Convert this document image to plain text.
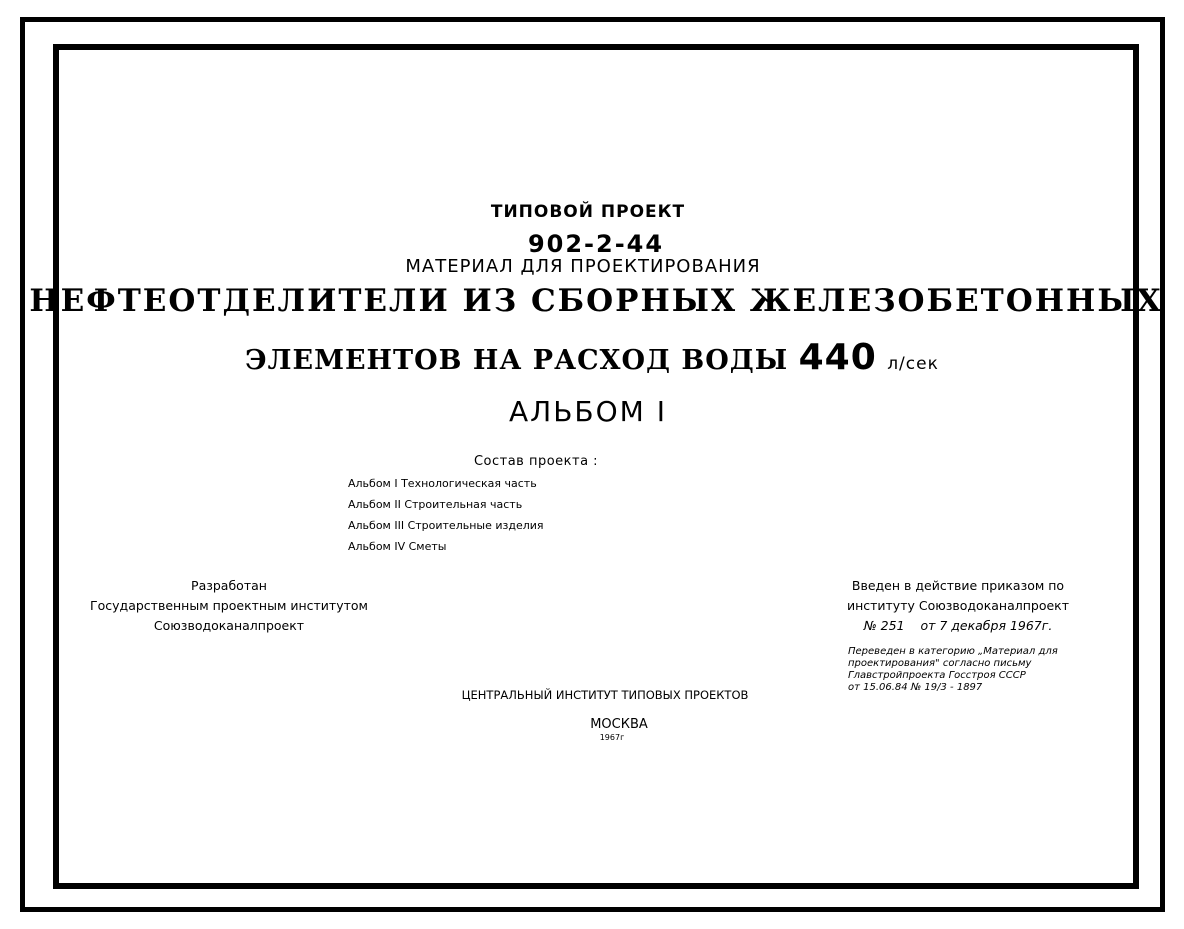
ТИПОВОЙ ПРОЕКТ
902-2-44
МАТЕРИАЛ ДЛЯ ПРОЕКТИРОВАНИЯ
НЕФТЕОТДЕЛИТЕЛИ ИЗ СБОРНЫХ ЖЕЛЕЗОБЕТОННЫХ
ЭЛЕМЕНТОВ НА РАСХОД ВОДЫ 440 л/сек
АЛЬБОМ I
Состав проекта :
Альбом I Технологическая часть
Альбом II Строительная часть
Альбом III Строительные изделия
Альбом IV Сметы
Разработан
Государственным проектным институтом
Союзводоканалпроект
Введен в действие приказом по
институту Союзводоканалпроект
№ 251 от 7 декабря 1967г.
Переведен в категорию „Материал для
проектирования" согласно письму
Главстройпроекта Госстроя СССР
от 15.06.84 № 19/3 - 1897
ЦЕНТРАЛЬНЫЙ ИНСТИТУТ ТИПОВЫХ ПРОЕКТОВ
МОСКВА
1967г
